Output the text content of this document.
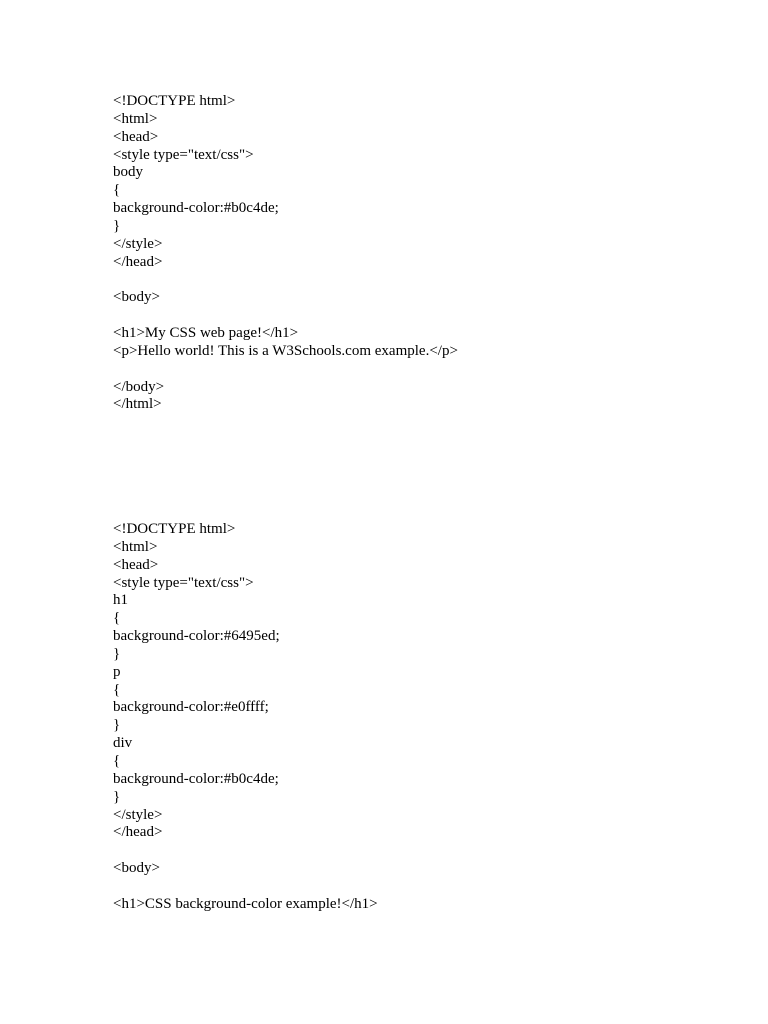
<!DOCTYPE html>
<html>
<head>
<style type="text/css">
body
{
background-color:#b0c4de;
}
</style>
</head>
<body>
<h1>My CSS web page!</h1>
<p>Hello world! This is a W3Schools.com example.</p>
</body>
</html>
<!DOCTYPE html>
<html>
<head>
<style type="text/css">
h1
{
background-color:#6495ed;
}
p
{
background-color:#e0ffff;
}
div
{
background-color:#b0c4de;
}
</style>
</head>
<body>
<h1>CSS background-color example!</h1>
